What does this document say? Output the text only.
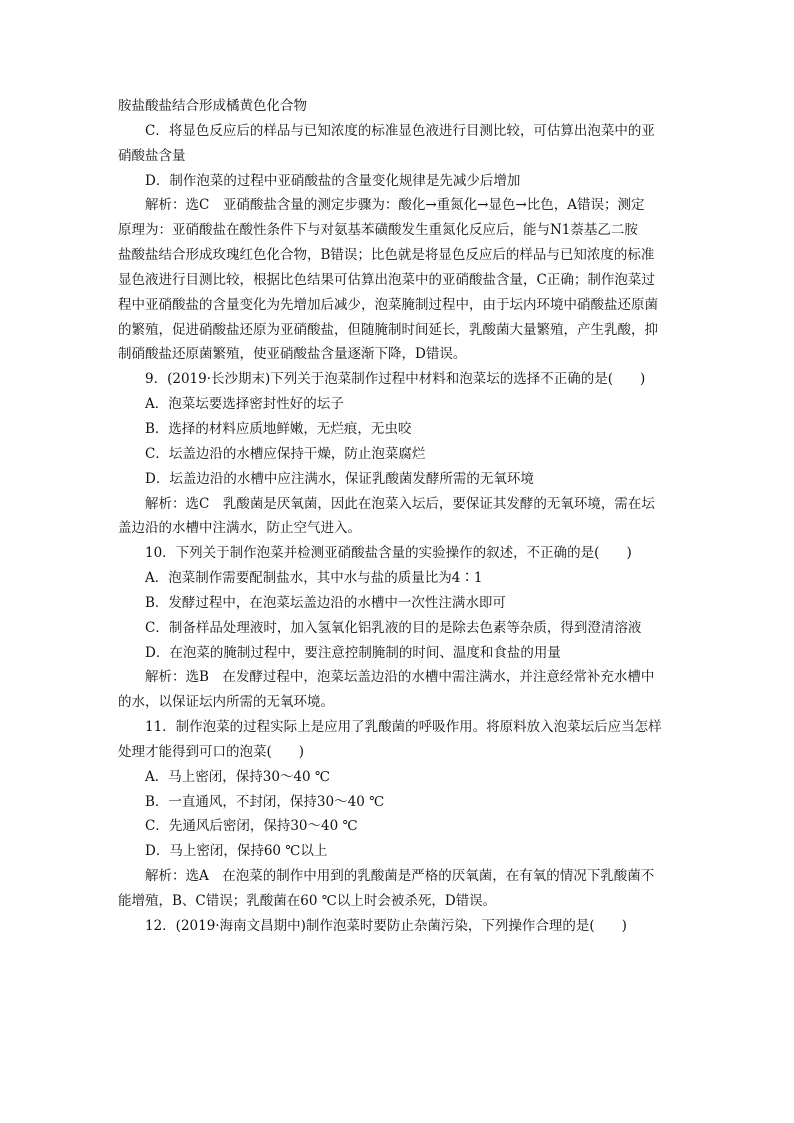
胺盐酸盐结合形成橘黄色化合物
C．将显色反应后的样品与已知浓度的标准显色液进行目测比较，可估算出泡菜中的亚
硝酸盐含量
D．制作泡菜的过程中亚硝酸盐的含量变化规律是先减少后增加
解析：选C　亚硝酸盐含量的测定步骤为：酸化→重氮化→显色→比色，A错误；测定
原理为：亚硝酸盐在酸性条件下与对氨基苯磺酸发生重氮化反应后，能与N1萘基乙二胺
盐酸盐结合形成玫瑰红色化合物，B错误；比色就是将显色反应后的样品与已知浓度的标准
显色液进行目测比较，根据比色结果可估算出泡菜中的亚硝酸盐含量，C正确；制作泡菜过
程中亚硝酸盐的含量变化为先增加后减少，泡菜腌制过程中，由于坛内环境中硝酸盐还原菌
的繁殖，促进硝酸盐还原为亚硝酸盐，但随腌制时间延长，乳酸菌大量繁殖，产生乳酸，抑
制硝酸盐还原菌繁殖，使亚硝酸盐含量逐渐下降，D错误。
9．(2019·长沙期末)下列关于泡菜制作过程中材料和泡菜坛的选择不正确的是(　　)
A．泡菜坛要选择密封性好的坛子
B．选择的材料应质地鲜嫩，无烂痕，无虫咬
C．坛盖边沿的水槽应保持干燥，防止泡菜腐烂
D．坛盖边沿的水槽中应注满水，保证乳酸菌发酵所需的无氧环境
解析：选C　乳酸菌是厌氧菌，因此在泡菜入坛后，要保证其发酵的无氧环境，需在坛
盖边沿的水槽中注满水，防止空气进入。
10．下列关于制作泡菜并检测亚硝酸盐含量的实验操作的叙述，不正确的是(　　)
A．泡菜制作需要配制盐水，其中水与盐的质量比为4∶1
B．发酵过程中，在泡菜坛盖边沿的水槽中一次性注满水即可
C．制备样品处理液时，加入氢氧化铝乳液的目的是除去色素等杂质，得到澄清溶液
D．在泡菜的腌制过程中，要注意控制腌制的时间、温度和食盐的用量
解析：选B　在发酵过程中，泡菜坛盖边沿的水槽中需注满水，并注意经常补充水槽中
的水，以保证坛内所需的无氧环境。
11．制作泡菜的过程实际上是应用了乳酸菌的呼吸作用。将原料放入泡菜坛后应当怎样
处理才能得到可口的泡菜(　　)
A．马上密闭，保持30～40 ℃
B．一直通风，不封闭，保持30～40 ℃
C．先通风后密闭，保持30～40 ℃
D．马上密闭，保持60 ℃以上
解析：选A　在泡菜的制作中用到的乳酸菌是严格的厌氧菌，在有氧的情况下乳酸菌不
能增殖，B、C错误；乳酸菌在60 ℃以上时会被杀死，D错误。
12．(2019·海南文昌期中)制作泡菜时要防止杂菌污染，下列操作合理的是(　　)
